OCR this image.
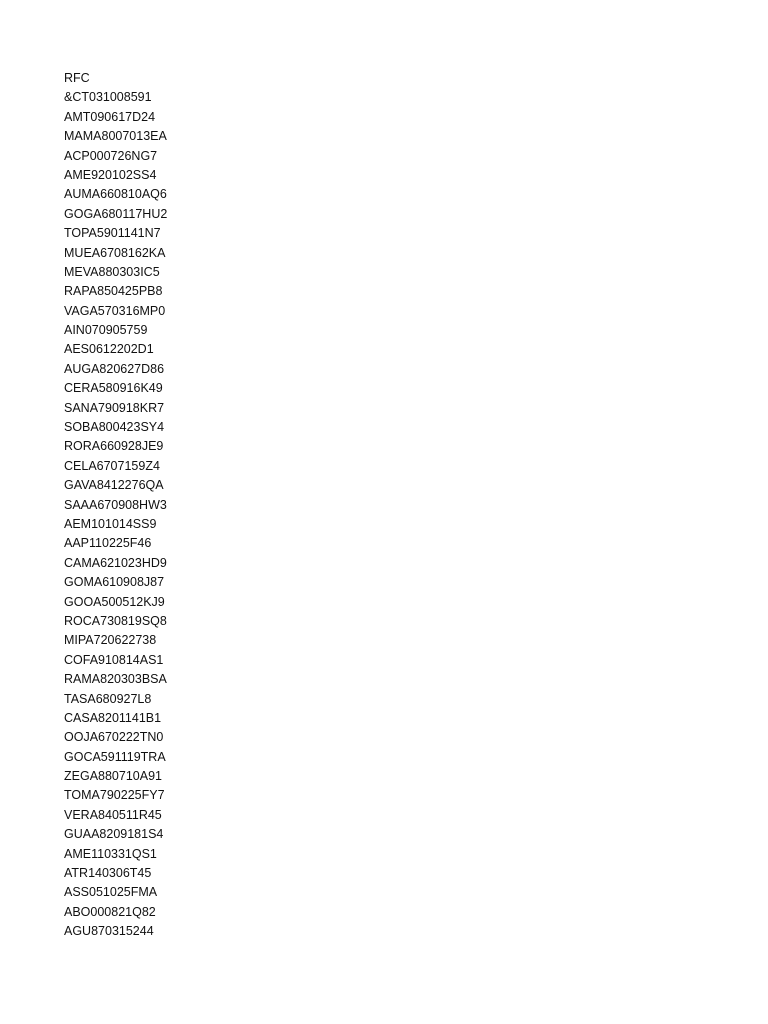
RFC
&CT031008591
AMT090617D24
MAMA8007013EA
ACP000726NG7
AME920102SS4
AUMA660810AQ6
GOGA680117HU2
TOPA5901141N7
MUEA6708162KA
MEVA880303IC5
RAPA850425PB8
VAGA570316MP0
AIN070905759
AES0612202D1
AUGA820627D86
CERA580916K49
SANA790918KR7
SOBA800423SY4
RORA660928JE9
CELA6707159Z4
GAVA8412276QA
SAAA670908HW3
AEM101014SS9
AAP110225F46
CAMA621023HD9
GOMA610908J87
GOOA500512KJ9
ROCA730819SQ8
MIPA720622738
COFA910814AS1
RAMA820303BSA
TASA680927L8
CASA8201141B1
OOJA670222TN0
GOCA591119TRA
ZEGA880710A91
TOMA790225FY7
VERA840511R45
GUAA8209181S4
AME110331QS1
ATR140306T45
ASS051025FMA
ABO000821Q82
AGU870315244
